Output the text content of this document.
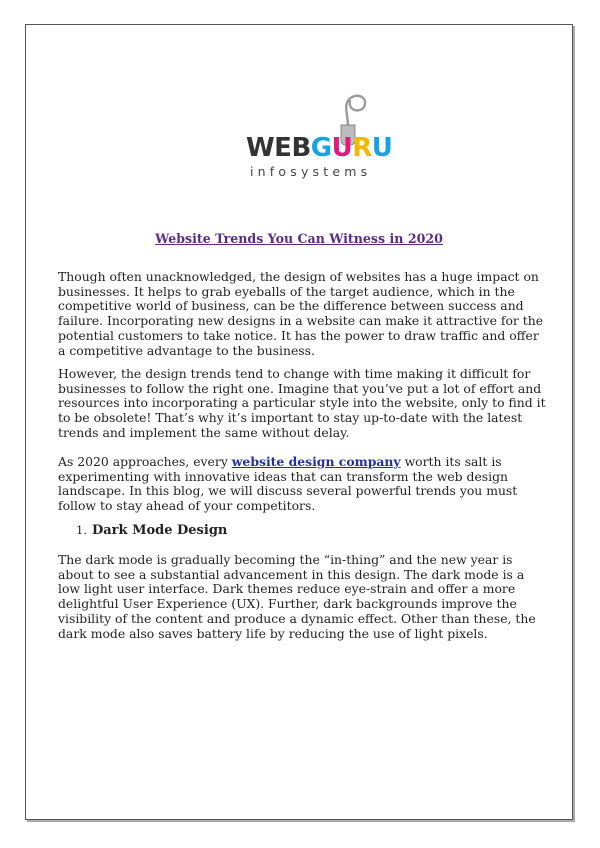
WEBGURU
infosystems
Website Trends You Can Witness in 2020

Though often unacknowledged, the design of websites has a huge impact on businesses. It helps to grab eyeballs of the target audience, which in the competitive world of business, can be the difference between success and failure. Incorporating new designs in a website can make it attractive for the potential customers to take notice. It has the power to draw traffic and offer a competitive advantage to the business.

However, the design trends tend to change with time making it difficult for businesses to follow the right one. Imagine that you’ve put a lot of effort and resources into incorporating a particular style into the website, only to find it to be obsolete! That’s why it’s important to stay up-to-date with the latest trends and implement the same without delay.

As 2020 approaches, every website design company worth its salt is experimenting with innovative ideas that can transform the web design landscape. In this blog, we will discuss several powerful trends you must follow to stay ahead of your competitors.

1. Dark Mode Design

The dark mode is gradually becoming the “in-thing” and the new year is about to see a substantial advancement in this design. The dark mode is a low light user interface. Dark themes reduce eye-strain and offer a more delightful User Experience (UX). Further, dark backgrounds improve the visibility of the content and produce a dynamic effect. Other than these, the dark mode also saves battery life by reducing the use of light pixels.
